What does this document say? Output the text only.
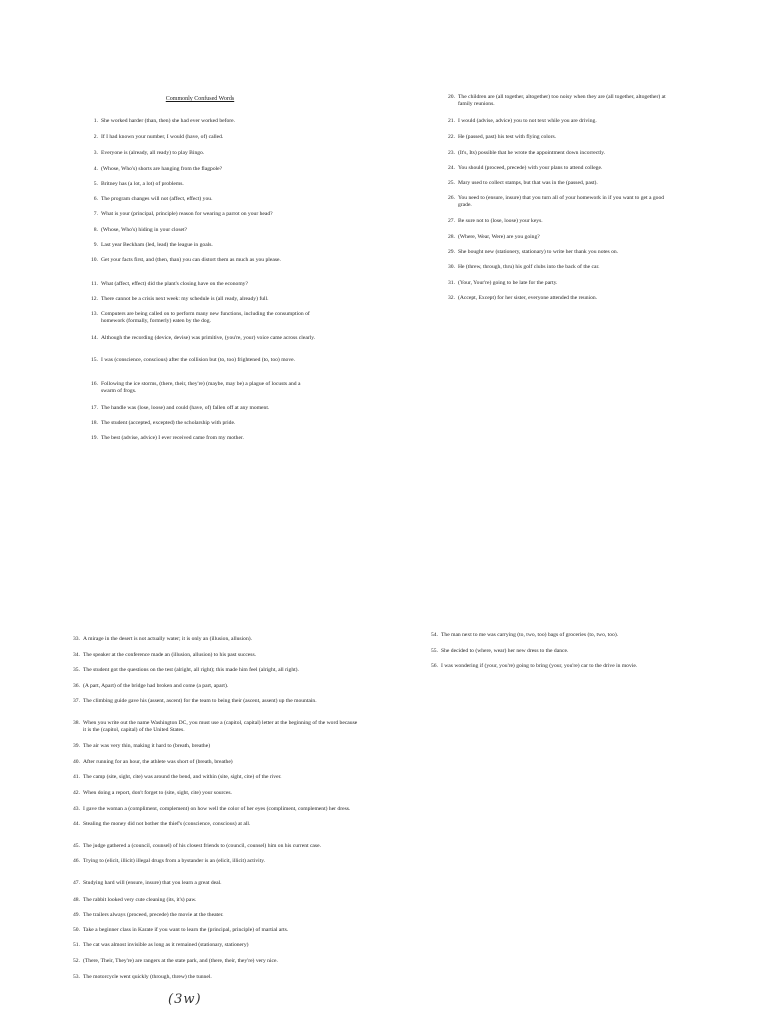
Commonly Confused Words
1. She worked harder (than, then) she had ever worked before.
2. If I had known your number, I would (have, of) called.
3. Everyone is (already, all ready) to play Bingo.
4. (Whose, Who's) shorts are hanging from the flagpole?
5. Britney has (a lot, a lot) of problems.
6. The program changes will not (affect, effect) you.
7. What is your (principal, principle) reason for wearing a parrot on your head?
8. (Whose, Who's) hiding in your closet?
9. Last year Beckham (led, lead) the league in goals.
10. Get your facts first, and (then, than) you can distort them as much as you please.
11. What (affect, effect) did the plant's closing have on the economy?
12. There cannot be a crisis next week: my schedule is (all ready, already) full.
13. Computers are being called on to perform many new functions, including the consumption of homework (formally, formerly) eaten by the dog.
14. Although the recording (device, devise) was primitive, (you're, your) voice came across clearly.
15. I was (conscience, conscious) after the collision but (to, too) frightened (to, too) move.
16. Following the ice storms, (there, their, they're) (maybe, may be) a plague of locusts and a swarm of frogs.
17. The handle was (lose, loose) and could (have, of) fallen off at any moment.
18. The student (accepted, excepted) the scholarship with pride.
19. The best (advise, advice) I ever received came from my mother.
20. The children are (all together, altogether) too noisy when they are (all together, altogether) at family reunions.
21. I would (advise, advice) you to not text while you are driving.
22. He (passed, past) his test with flying colors.
23. (It's, Its) possible that he wrote the appointment down incorrectly.
24. You should (proceed, precede) with your plans to attend college.
25. Mary used to collect stamps, but that was in the (passed, past).
26. You need to (ensure, insure) that you turn all of your homework in if you want to get a good grade.
27. Be sure not to (lose, loose) your keys.
28. (Where, Wear, Were) are you going?
29. She bought new (stationery, stationary) to write her thank you notes on.
30. He (threw, through, thru) his golf clubs into the back of the car.
31. (Your, Your're) going to be late for the party.
32. (Accept, Except) for her sister, everyone attended the reunion.
33. A mirage in the desert is not actually water; it is only an (illusion, allusion).
34. The speaker at the conference made an (illusion, allusion) to his past success.
35. The student got the questions on the test (alright, all right); this made him feel (alright, all right).
36. (A part, Apart) of the bridge had broken and come (a part, apart).
37. The climbing guide gave his (assent, ascent) for the team to being their (ascent, assent) up the mountain.
38. When you write out the name Washington DC, you must use a (capitol, capital) letter at the beginning of the word because it is the (capitol, capital) of the United States.
39. The air was very thin, making it hard to (breath, breathe)
40. After running for an hour, the athlete was short of (breath, breathe)
41. The camp (site, sight, cite) was around the bend, and within (site, sight, cite) of the river.
42. When doing a report, don't forget to (site, sight, cite) your sources.
43. I gave the woman a (compliment, complement) on how well the color of her eyes (compliment, complement) her dress.
44. Stealing the money did not bother the thief's (conscience, conscious) at all.
45. The judge gathered a (council, counsel) of his closest friends to (council, counsel) him on his current case.
46. Trying to (elicit, illicit) illegal drugs from a bystander is an (elicit, illicit) activity.
47. Studying hard will (ensure, insure) that you learn a great deal.
48. The rabbit looked very cute cleaning (its, it's) paw.
49. The trailers always (proceed, precede) the movie at the theater.
50. Take a beginner class in Karate if you want to learn the (principal, principle) of martial arts.
51. The cat was almost invisible as long as it remained (stationary, stationery)
52. (There, Their, They're) are rangers at the state park, and (there, their, they're) very nice.
53. The motorcycle went quickly (through, threw) the tunnel.
54. The man next to me was carrying (to, two, too) bags of groceries (to, two, too).
55. She decided to (where, wear) her new dress to the dance.
56. I was wondering if (your, you're) going to bring (your, you're) car to the drive in movie.
(3w)
